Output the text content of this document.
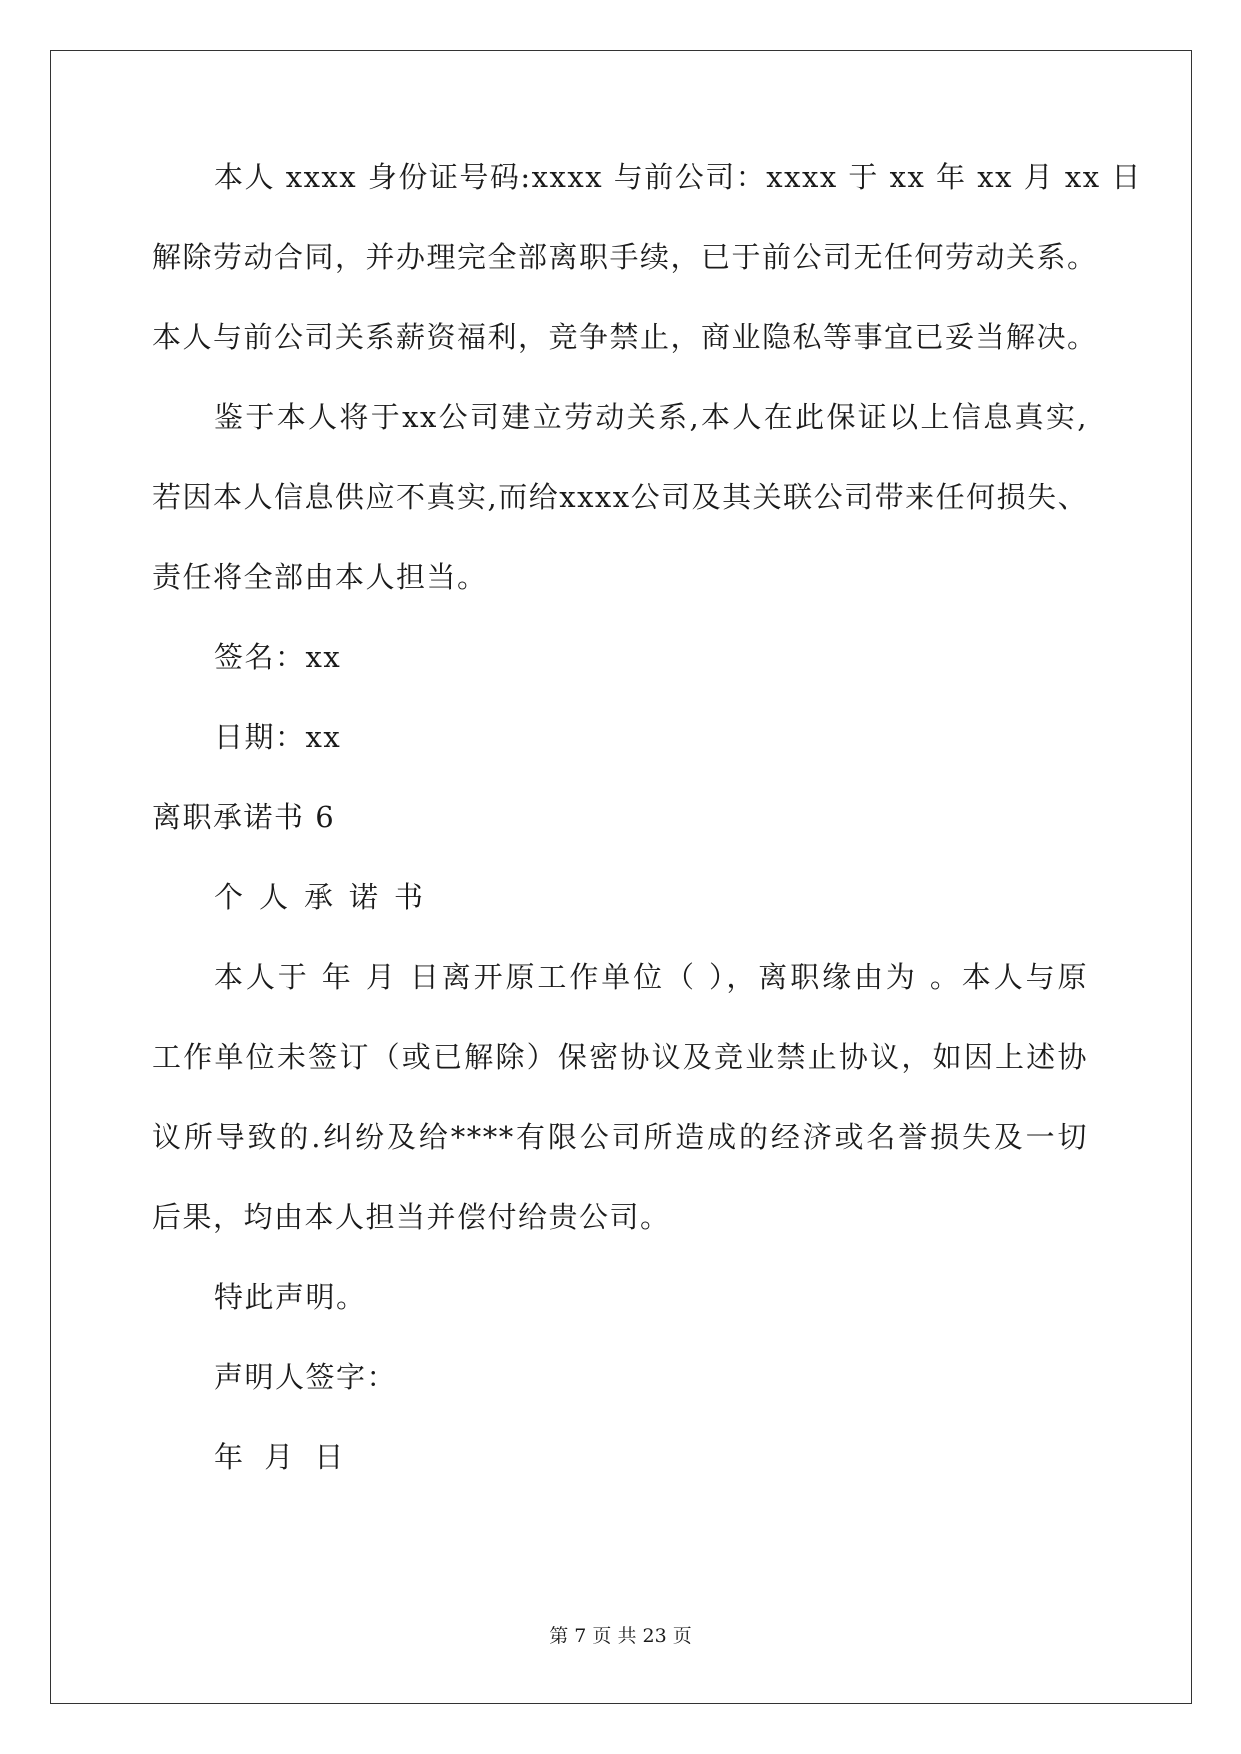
本人 xxxx 身份证号码:xxxx 与前公司：xxxx 于 xx 年 xx 月 xx 日
解除劳动合同，并办理完全部离职手续，已于前公司无任何劳动关系。
本人与前公司关系薪资福利，竞争禁止，商业隐私等事宜已妥当解决。
鉴于本人将于xx公司建立劳动关系,本人在此保证以上信息真实,
若因本人信息供应不真实,而给xxxx公司及其关联公司带来任何损失、
责任将全部由本人担当。
签名：xx
日期：xx
离职承诺书 6
个人承诺书
本人于 年 月 日离开原工作单位（ ），离职缘由为 。本人与原
工作单位未签订（或已解除）保密协议及竞业禁止协议，如因上述协
议所导致的.纠纷及给****有限公司所造成的经济或名誉损失及一切
后果，均由本人担当并偿付给贵公司。
特此声明。
声明人签字：
年 月 日
第 7 页 共 23 页
